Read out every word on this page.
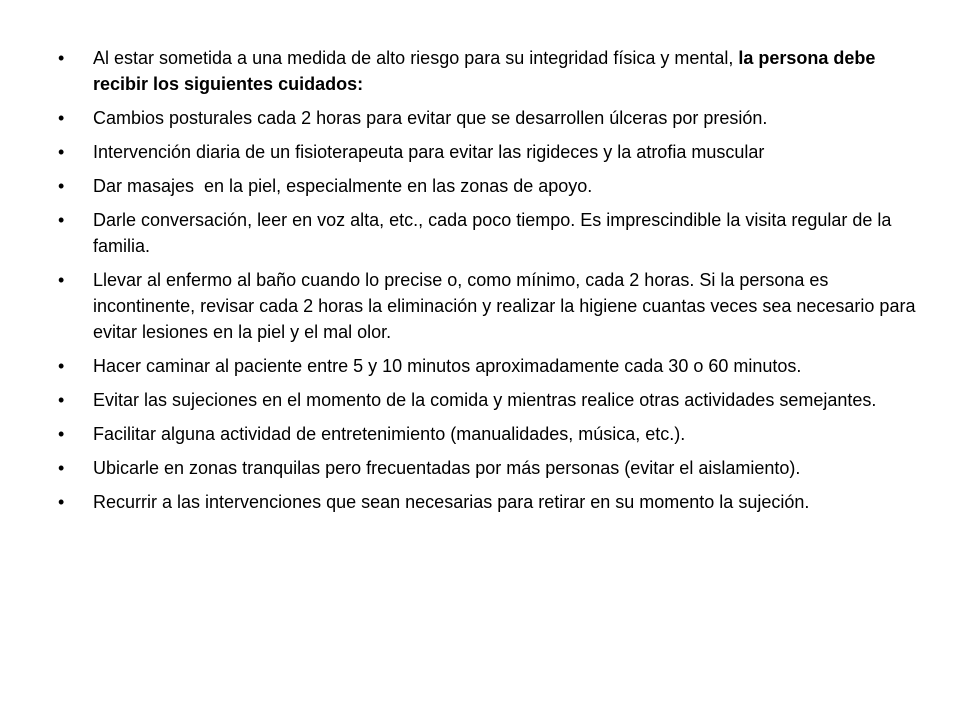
•	Al estar sometida a una medida de alto riesgo para su integridad física y mental, la persona debe recibir los siguientes cuidados:
•	Cambios posturales cada 2 horas para evitar que se desarrollen úlceras por presión.
•	Intervención diaria de un fisioterapeuta para evitar las rigideces y la atrofia muscular
•	Dar masajes  en la piel, especialmente en las zonas de apoyo.
•	Darle conversación, leer en voz alta, etc., cada poco tiempo. Es imprescindible la visita regular de la familia.
•	Llevar al enfermo al baño cuando lo precise o, como mínimo, cada 2 horas. Si la persona es incontinente, revisar cada 2 horas la eliminación y realizar la higiene cuantas veces sea necesario para evitar lesiones en la piel y el mal olor.
•	Hacer caminar al paciente entre 5 y 10 minutos aproximadamente cada 30 o 60 minutos.
•	Evitar las sujeciones en el momento de la comida y mientras realice otras actividades semejantes.
•	Facilitar alguna actividad de entretenimiento (manualidades, música, etc.).
•	Ubicarle en zonas tranquilas pero frecuentadas por más personas (evitar el aislamiento).
•	Recurrir a las intervenciones que sean necesarias para retirar en su momento la sujeción.
